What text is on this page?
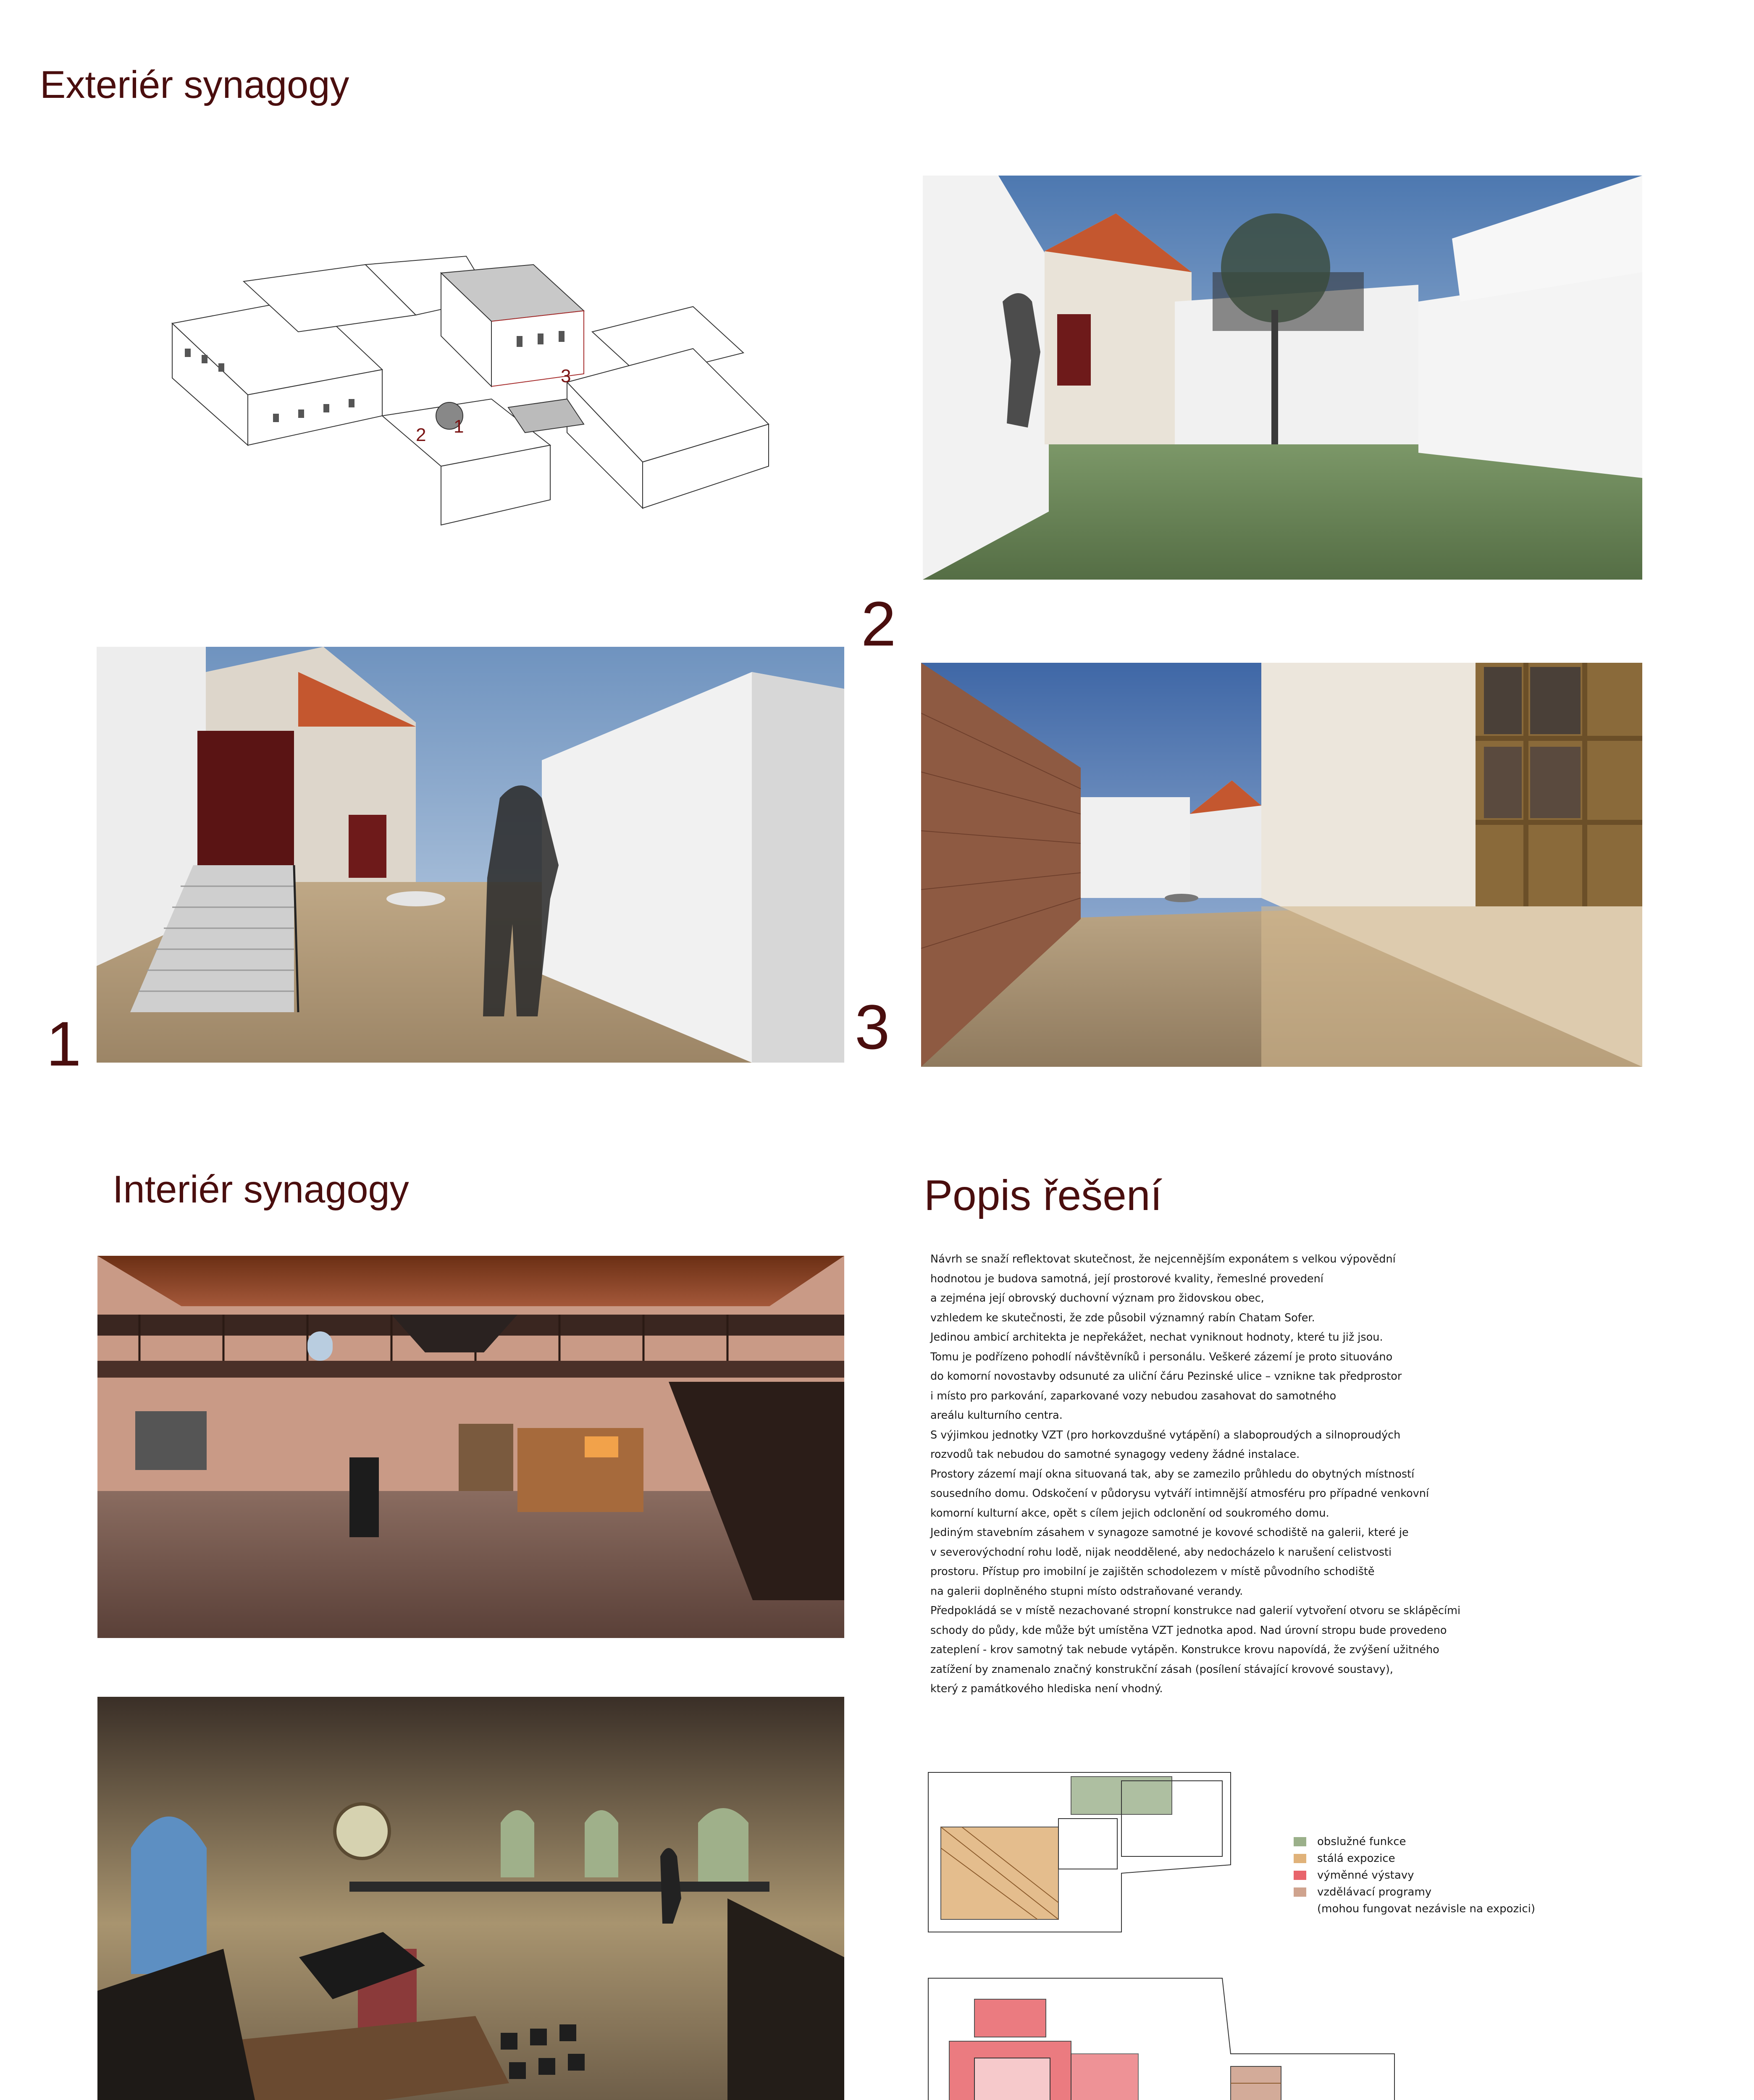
Exteriér synagogy
Interiér synagogy	Popis řešení
2 1
3
2
1	3

Návrh se snaží reflektovat skutečnost, že nejcennějším exponátem s velkou výpovědní

hodnotou je budova samotná, její prostorové kvality, řemeslné provedení

a zejména její obrovský duchovní význam pro židovskou obec,

vzhledem ke skutečnosti, že zde působil významný rabín Chatam Sofer.

Jedinou ambicí architekta je nepřekážet, nechat vyniknout hodnoty, které tu již jsou.

Tomu je podřízeno pohodlí návštěvníků i personálu. Veškeré zázemí je proto situováno

do komorní novostavby odsunuté za uliční čáru Pezinské ulice – vznikne tak předprostor

i místo pro parkování, zaparkované vozy nebudou zasahovat do samotného

areálu kulturního centra.

S výjimkou jednotky VZT (pro horkovzdušné vytápění) a slaboproudých a silnoproudých

rozvodů tak nebudou do samotné synagogy vedeny žádné instalace.

Prostory zázemí mají okna situovaná tak, aby se zamezilo průhledu do obytných místností

sousedního domu. Odskočení v půdorysu vytváří intimnější atmosféru pro případné venkovní

komorní kulturní akce, opět s cílem jejich odclonění od soukromého domu.

Jediným stavebním zásahem v synagoze samotné je kovové schodiště na galerii, které je

v severovýchodní rohu lodě, nijak neoddělené, aby nedocházelo k narušení celistvosti

prostoru. Přístup pro imobilní je zajištěn schodolezem v místě původního schodiště

na galerii doplněného stupni místo odstraňované verandy.

Předpokládá se v místě nezachované stropní konstrukce nad galerií vytvoření otvoru se sklápěcími

schody do půdy, kde může být umístěna VZT jednotka apod. Nad úrovní stropu bude provedeno

zateplení - krov samotný tak nebude vytápěn. Konstrukce krovu napovídá, že zvýšení užitného

zatížení by znamenalo značný konstrukční zásah (posílení stávající krovové soustavy),

který z památkového hlediska není vhodný.

obslužné funkce
stálá expozice
výměnné výstavy
vzdělávací programy
(mohou fungovat nezávisle na expozici)
